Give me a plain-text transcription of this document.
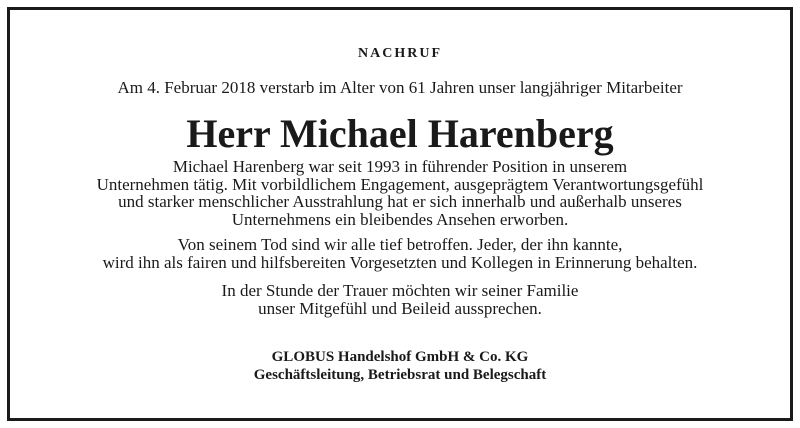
NACHRUF
Am 4. Februar 2018 verstarb im Alter von 61 Jahren unser langjähriger Mitarbeiter
Herr Michael Harenberg
Michael Harenberg war seit 1993 in führender Position in unserem
Unternehmen tätig. Mit vorbildlichem Engagement, ausgeprägtem Verantwortungsgefühl
und starker menschlicher Ausstrahlung hat er sich innerhalb und außerhalb unseres
Unternehmens ein bleibendes Ansehen erworben.
Von seinem Tod sind wir alle tief betroffen. Jeder, der ihn kannte,
wird ihn als fairen und hilfsbereiten Vorgesetzten und Kollegen in Erinnerung behalten.
In der Stunde der Trauer möchten wir seiner Familie
unser Mitgefühl und Beileid aussprechen.
GLOBUS Handelshof GmbH & Co. KG
Geschäftsleitung, Betriebsrat und Belegschaft
